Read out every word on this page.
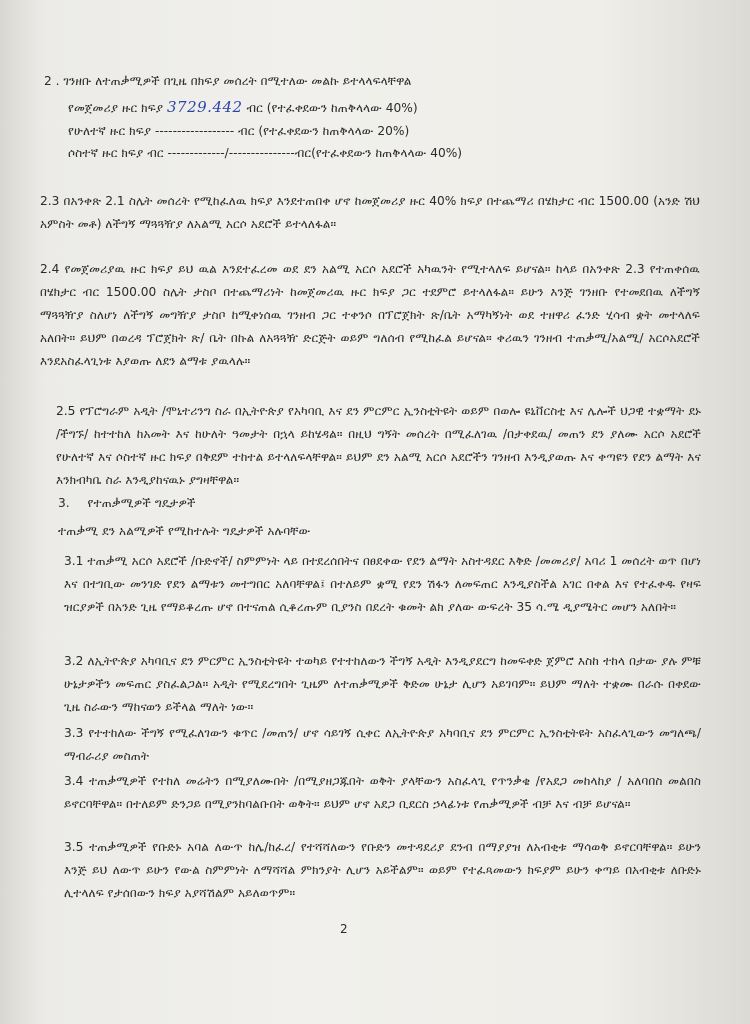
2 . ገንዘቡ ለተጠቃሚዎች በጊዜ በክፍያ መሰረት በሚተለው መልኩ ይተላላፍላቸዋል
የመጀመሪያ ዙር ክፍያ 3729.442 ብር (የተፈቀደውን ከጠቅላላው 40%)
የሁለተኛ ዙር ክፍያ ------------------ ብር (የተፈቀደውን ከጠቅላላው 20%)
ሶስተኛ ዙር ክፍያ ብር -------------/---------------ብር(የተፈቀደውን ከጠቅላላው 40%)
2.3 በአንቀጽ 2.1 ስሌት መሰረት የሚከፈለዉ ክፍያ እንደተጠበቀ ሆኖ ከመጀመሪያ ዙር 40% ክፍያ በተጨማሪ በሄክታር ብር 1500.00 (አንድ ሽህ አምስት መቶ) ለችግኝ ማጓጓዥያ ለአልሚ አርሶ አደሮች ይተላለፋል።
2.4 የመጀመሪያዉ ዙር ክፍያ ይህ ዉል እንደተፈረመ ወደ ደን አልሚ አርሶ አደሮች አካዉንት የሚተላለፍ ይሆናል። ከላይ በአንቀጽ 2.3 የተጠቀሰዉ በሄክታር ብር 1500.00 ስሌት ታስቦ በተጨማሪነት ከመጀመሪዉ ዙር ክፍያ ጋር ተደምሮ ይተላለፋል። ይሁን እንጅ ገንዘቡ የተመደበዉ ለችግኝ ማጓጓዥያ ስለሆነ ለችግኝ መግዥያ ታስቦ ከሚቀነሰዉ ገንዘብ ጋር ተቀንሶ በፕሮጀክት ጽ/ቤት አማካኝነት ወደ ተዘዋሪ ፈንድ ሂሳብ ቋት መተላለፍ አለበት። ይህም በወረዳ ፕሮጀክት ጽ/ ቤት በኩል ለአጓጓዥ ድርጅት ወይም ግለሰብ የሚከፈል ይሆናል። ቀሪዉን ገንዘብ ተጠቃሚ/አልሚ/ አርሶአደሮች እንደአስፈላጊነቱ እያወጡ ለደን ልማቱ ያዉላሉ።
2.5 የፕሮግራም አዲት /ሞኒተሪንግ ስራ በኢትዮጵያ የአካባቢ እና ደን ምርምር ኢንስቲትዩት ወይም በወሎ ዩኒቨርስቲ እና ሌሎች ህጋዊ ተቋማት ደኑ /ችግኙ/ ከተተከለ ከአመት እና ከሁለት ዓመታት በኋላ ይከሄዳል። በዚህ ግኝት መሰረት በሚፈለገዉ /በታቀደዉ/ መጠን ደን ያለሙ አርሶ አደሮች የሁለተኛ እና ሶስተኛ ዙር ክፍያ በቅደም ተከተል ይተላለፍላቸዋል። ይህም ደን አልሚ አርሶ አደሮችን ገንዘብ እንዲያወጡ እና ቀጣዩን የደን ልማት እና እንክብካቤ ስራ እንዲያከናዉኑ ያግዛቸዋል።
3. የተጠቃሚዎች ግዴታዎች
ተጠቃሚ ደን አልሚዎች የሚከተሉት ግዴታዎች አሉባቸው
3.1 ተጠቃሚ አርሶ አደሮች /ቡድኖች/ ስምምነት ላይ በተደረሰበትና በፀደቀው የደን ልማት አስተዳደር እቅድ /መመሪያ/ አባሪ 1 መሰረት ወጥ በሆነ እና በተገቢው መንገድ የደን ልማቱን መተግበር አለባቸዋል፤ በተለይም ቋሚ የደን ሽፋን ለመፍጠር እንዲያስችል አገር በቀል እና የተፈቀዱ የዛፍ ዝርያዎች በአንድ ጊዜ የማይቆረጡ ሆኖ በተናጠል ሲቆረጡም ቢያንስ በደረት ቁመት ልክ ያለው ውፍረት 35 ሳ.ሜ ዲያሜትር መሆን አለበት።
3.2 ለኢትዮጵያ አካባቢና ደን ምርምር ኢንስቲትዩት ተወካይ የተተከለውን ችግኝ አዲት እንዲያደርግ ከመፍቀድ ጀምሮ እስከ ተከላ በታው ያሉ ምቹ ሁኔታዎችን መፍጠር ያስፈልጋል። አዲት የሚደረግበት ጊዜም ለተጠቃሚዎች ቅድመ ሁኔታ ሊሆን አይገባም። ይህም ማለት ተቋሙ በራሱ በቀደው ጊዜ ስራውን ማከናወን ይችላል ማለት ነው።
3.3 የተተከለው ችግኝ የሚፈለገውን ቁጥር /መጠን/ ሆኖ ሳይገኝ ሲቀር ለኢትዮጵያ አካባቢና ደን ምርምር ኢንስቲትዩት አስፈላጊውን መግለጫ/ማብራሪያ መስጠት
3.4 ተጠቃሚዎች የተከለ መሬትን በሚያለሙበት /በሚያዘጋጁበት ወቅት ያላቸውን አስፈላጊ የጥንቃቄ /የአደጋ መከላከያ / አለባበስ መልበስ ይኖርባቸዋል። በተለይም ድንጋይ በሚያንከባልቡበት ወቅት። ይህም ሆኖ አደጋ ቢደርስ ኃላፊነቱ የጠቃሚዎች ብቻ እና ብቻ ይሆናል።
3.5 ተጠቃሚዎች የቡድኑ አባል ለውጥ ከሌ/ከፈረ/ የተሻሻለውን የቡድን መተዳደሪያ ደንብ በማያያዝ ለአብቂቱ ማሳወቅ ይኖርባቸዋል። ይሁን እንጅ ይህ ለውጥ ይሁን የውል ስምምነት ለማሻሻል ምክንያት ሊሆን አይችልም። ወይም የተፈጻመውን ክፍያም ይሁን ቀጣይ በአብቂቱ ለቡድኑ ሊተላለፍ የታሰበውን ክፍያ አያሻሽልም አይለወጥም።
2
